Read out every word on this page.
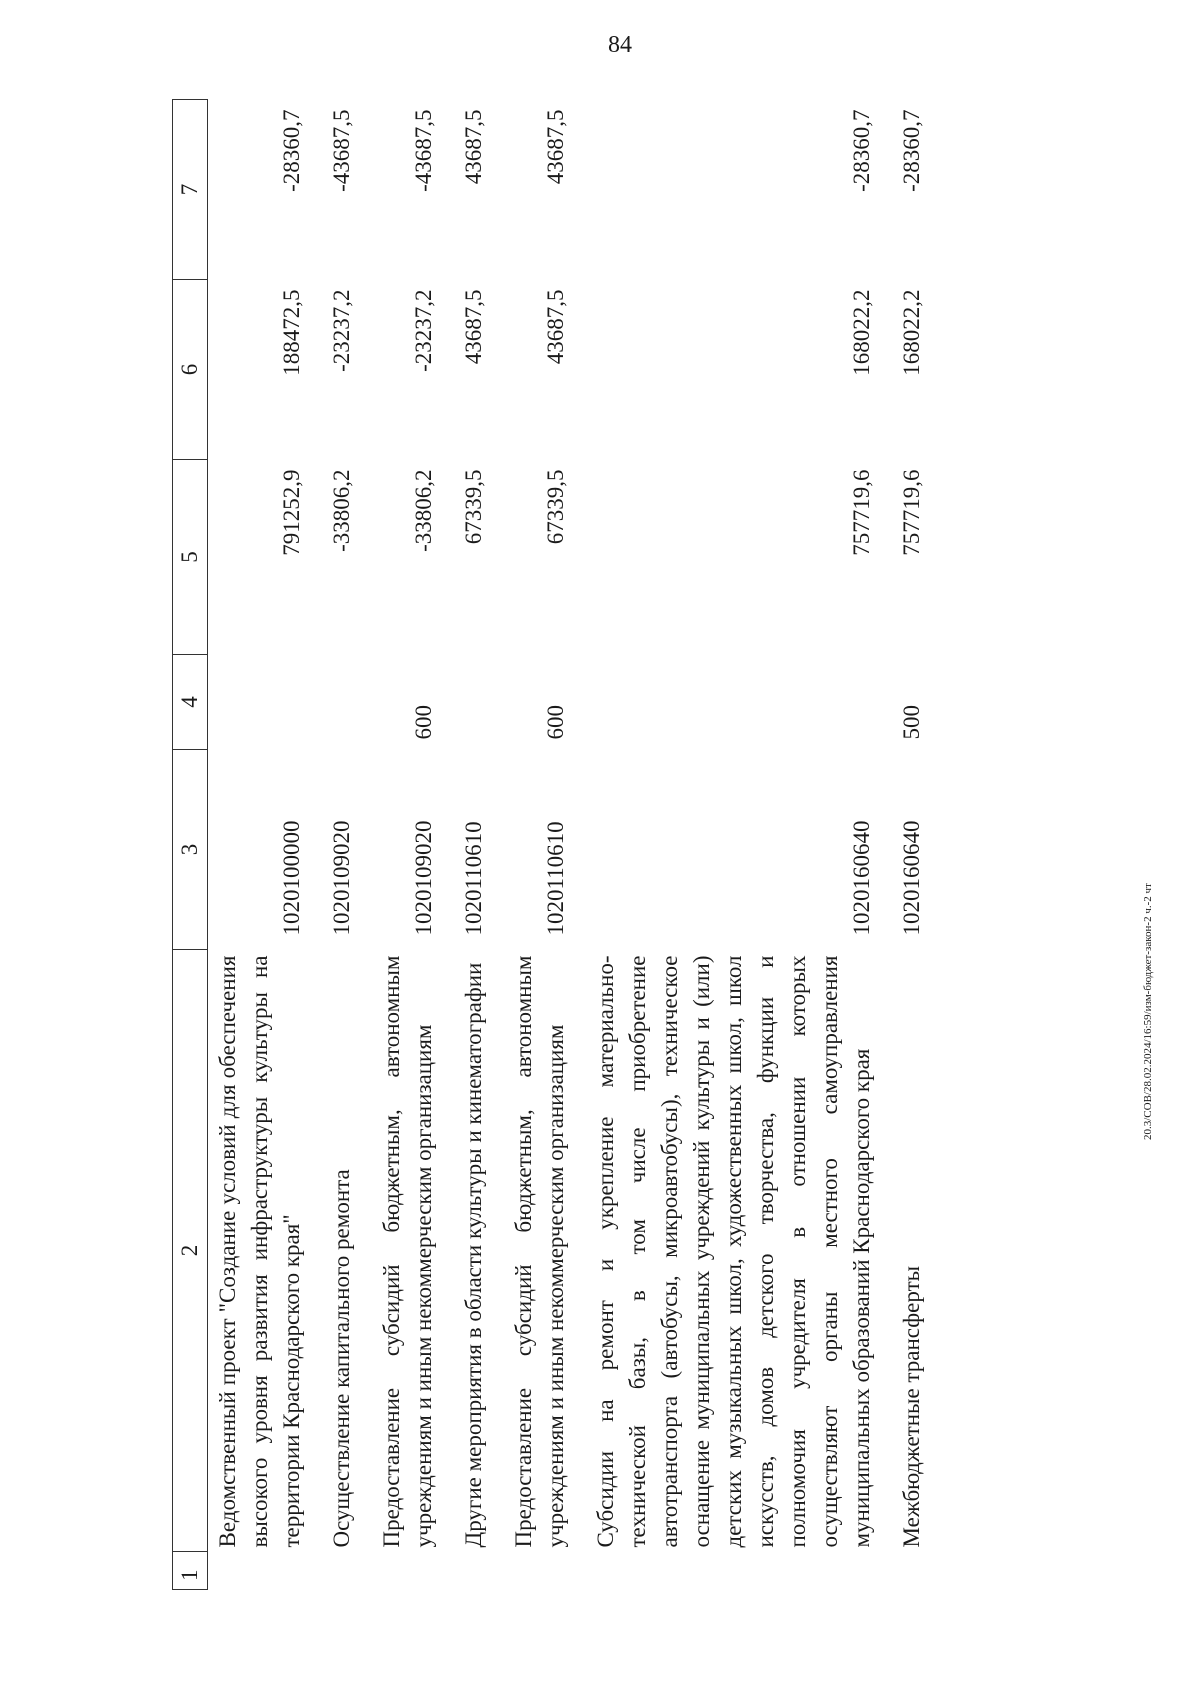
84
20.3/СОВ/28.02.2024/16:59/изм-бюджет-закон-2 ч.-2 чт
1	2	3	4	5	6	7
	Ведомственный проект "Создание условий для обеспечения высокого уровня развития инфраструктуры культуры на территории Краснодарского края"	1020100000		791252,9	188472,5	-28360,7
	Осуществление капитального ремонта	1020109020		-33806,2	-23237,2	-43687,5
	Предоставление субсидий бюджетным, автономным учреждениям и иным некоммерческим организациям	1020109020	600	-33806,2	-23237,2	-43687,5
	Другие мероприятия в области культуры и кинематографии	1020110610		67339,5	43687,5	43687,5
	Предоставление субсидий бюджетным, автономным учреждениям и иным некоммерческим организациям	1020110610	600	67339,5	43687,5	43687,5
	Субсидии на ремонт и укрепление материально-технической базы, в том числе приобретение автотранспорта (автобусы, микроавтобусы), техническое оснащение муниципальных учреждений культуры и (или) детских музыкальных школ, художественных школ, школ искусств, домов детского творчества, функции и полномочия учредителя в отношении которых осуществляют органы местного самоуправления муниципальных образований Краснодарского края	1020160640		757719,6	168022,2	-28360,7
	Межбюджетные трансферты	1020160640	500	757719,6	168022,2	-28360,7
